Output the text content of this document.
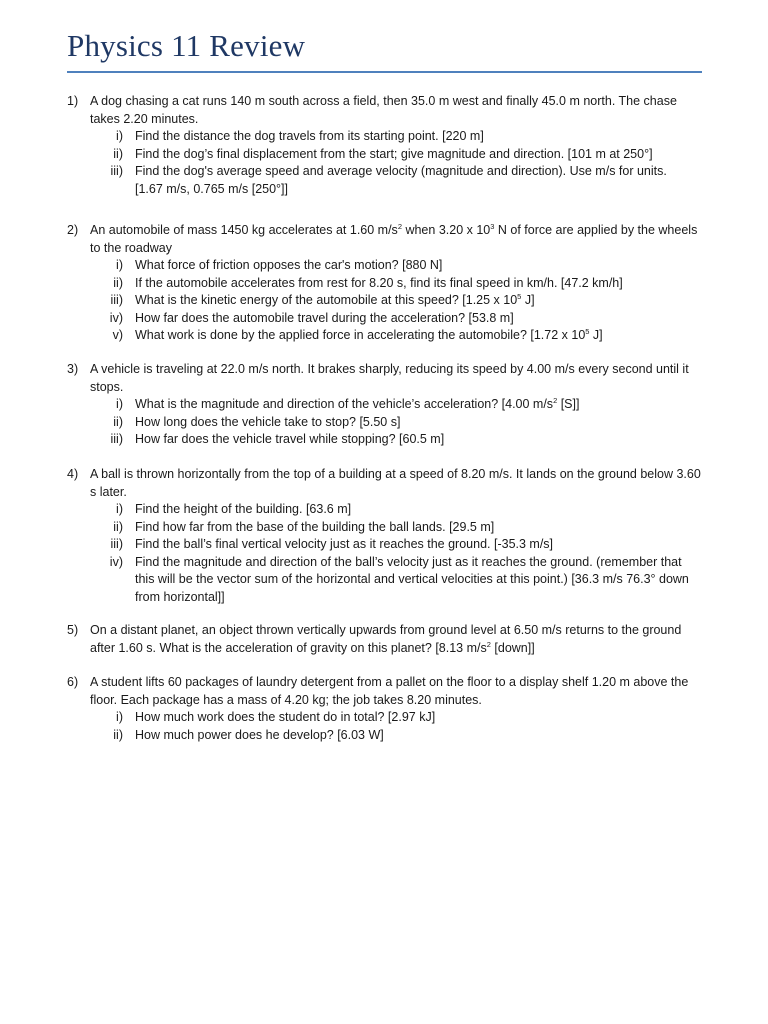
Physics 11 Review
1) A dog chasing a cat runs 140 m south across a field, then 35.0 m west and finally 45.0 m north. The chase takes 2.20 minutes.
i) Find the distance the dog travels from its starting point. [220 m]
ii) Find the dog’s final displacement from the start; give magnitude and direction. [101 m at 250°]
iii) Find the dog's average speed and average velocity (magnitude and direction). Use m/s for units.
[1.67 m/s, 0.765 m/s [250°]]
2) An automobile of mass 1450 kg accelerates at 1.60 $m/s^2$ when 3.20 x $10^3$ N of force are applied by the wheels to the roadway
i) What force of friction opposes the car's motion? [880 N]
ii) If the automobile accelerates from rest for 8.20 s, find its final speed in km/h. [47.2 km/h]
iii) What is the kinetic energy of the automobile at this speed? [1.25 x $10^5$ J]
iv) How far does the automobile travel during the acceleration? [53.8 m]
v) What work is done by the applied force in accelerating the automobile? [1.72 x $10^5$ J]
3) A vehicle is traveling at 22.0 m/s north. It brakes sharply, reducing its speed by 4.00 m/s every second until it stops.
i) What is the magnitude and direction of the vehicle’s acceleration? [4.00 $m/s^2$ [S]]
ii) How long does the vehicle take to stop? [5.50 s]
iii) How far does the vehicle travel while stopping? [60.5 m]
4) A ball is thrown horizontally from the top of a building at a speed of 8.20 m/s. It lands on the ground below 3.60 s later.
i) Find the height of the building. [63.6 m]
ii) Find how far from the base of the building the ball lands. [29.5 m]
iii) Find the ball’s final vertical velocity just as it reaches the ground. [-35.3 m/s]
iv) Find the magnitude and direction of the ball’s velocity just as it reaches the ground. (remember that this will be the vector sum of the horizontal and vertical velocities at this point.) [36.3 m/s 76.3° down from horizontal]]
5) On a distant planet, an object thrown vertically upwards from ground level at 6.50 m/s returns to the ground after 1.60 s. What is the acceleration of gravity on this planet? [8.13 $m/s^2$ [down]]
6) A student lifts 60 packages of laundry detergent from a pallet on the floor to a display shelf 1.20 m above the floor. Each package has a mass of 4.20 kg; the job takes 8.20 minutes.
i) How much work does the student do in total? [2.97 kJ]
ii) How much power does he develop? [6.03 W]
